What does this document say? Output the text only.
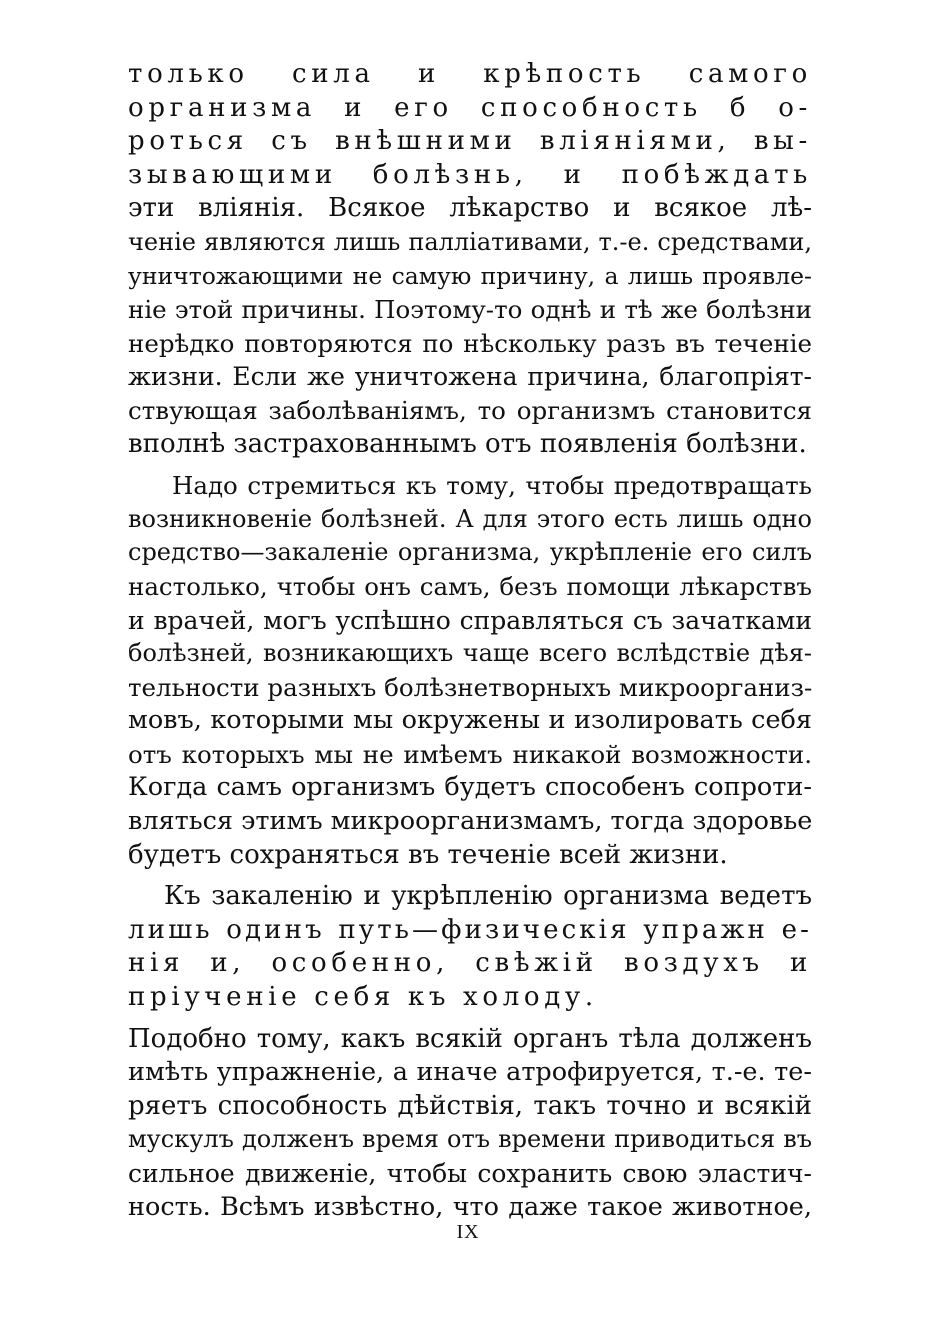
только сила и крѣпость самого
организма и его способность б о-
роться съ внѣшними вліяніями, вы-
зывающими болѣзнь, и побѣждать
эти вліянія. Всякое лѣкарство и всякое лѣ-
ченіе являются лишь палліативами, т.-е. средствами,
уничтожающими не самую причину, а лишь проявле-
ніе этой причины. Поэтому-то однѣ и тѣ же болѣзни
нерѣдко повторяются по нѣскольку разъ въ теченіе
жизни. Если же уничтожена причина, благопріят-
ствующая заболѣваніямъ, то организмъ становится
вполнѣ застрахованнымъ отъ появленія болѣзни.
Надо стремиться къ тому, чтобы предотвращать
возникновеніе болѣзней. А для этого есть лишь одно
средство—закаленіе организма, укрѣпленіе его силъ
настолько, чтобы онъ самъ, безъ помощи лѣкарствъ
и врачей, могъ успѣшно справляться съ зачатками
болѣзней, возникающихъ чаще всего вслѣдствіе дѣя-
тельности разныхъ болѣзнетворныхъ микроорганиз-
мовъ, которыми мы окружены и изолировать себя
отъ которыхъ мы не имѣемъ никакой возможности.
Когда самъ организмъ будетъ способенъ сопроти-
вляться этимъ микроорганизмамъ, тогда здоровье
будетъ сохраняться въ теченіе всей жизни.
Къ закаленію и укрѣпленію организма ведетъ
лишь одинъ путь—физическія упражн е-
нія и, особенно, свѣжій воздухъ и
пріученіе себя къ холоду.
Подобно тому, какъ всякій органъ тѣла долженъ
имѣть упражненіе, а иначе атрофируется, т.-е. те-
ряетъ способность дѣйствія, такъ точно и всякій
мускулъ долженъ время отъ времени приводиться въ
сильное движеніе, чтобы сохранить свою эластич-
ность. Всѣмъ извѣстно, что даже такое животное,
IX
